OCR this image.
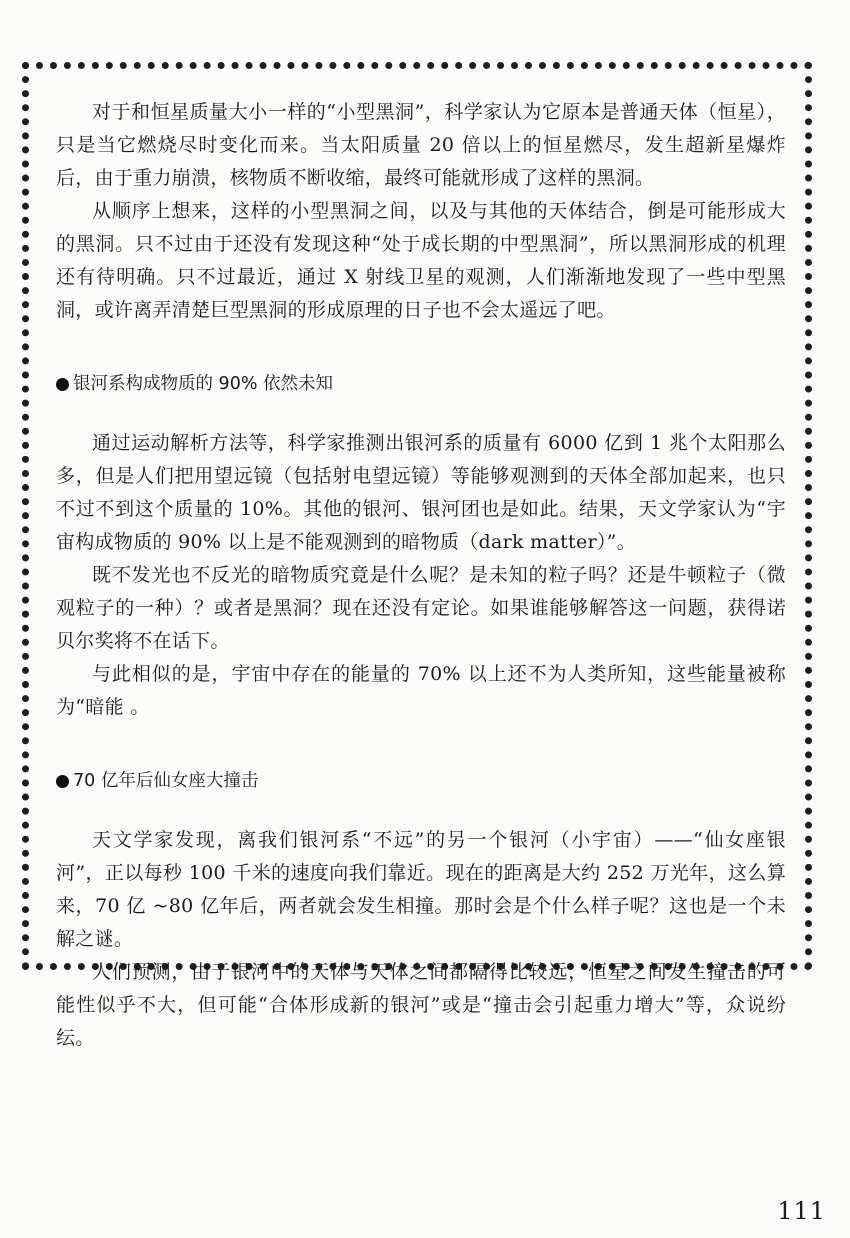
对于和恒星质量大小一样的“小型黑洞”，科学家认为它原本是普通天体（恒星），只是当它燃烧尽时变化而来。当太阳质量 20 倍以上的恒星燃尽，发生超新星爆炸后，由于重力崩溃，核物质不断收缩，最终可能就形成了这样的黑洞。

从顺序上想来，这样的小型黑洞之间，以及与其他的天体结合，倒是可能形成大的黑洞。只不过由于还没有发现这种“处于成长期的中型黑洞”，所以黑洞形成的机理还有待明确。只不过最近，通过 X 射线卫星的观测，人们渐渐地发现了一些中型黑洞，或许离弄清楚巨型黑洞的形成原理的日子也不会太遥远了吧。

银河系构成物质的 90% 依然未知

通过运动解析方法等，科学家推测出银河系的质量有 6000 亿到 1 兆个太阳那么多，但是人们把用望远镜（包括射电望远镜）等能够观测到的天体全部加起来，也只不过不到这个质量的 10%。其他的银河、银河团也是如此。结果，天文学家认为“宇宙构成物质的 90% 以上是不能观测到的暗物质（dark matter）”。

既不发光也不反光的暗物质究竟是什么呢？是未知的粒子吗？还是牛顿粒子（微观粒子的一种）？或者是黑洞？现在还没有定论。如果谁能够解答这一问题，获得诺贝尔奖将不在话下。

与此相似的是，宇宙中存在的能量的 70% 以上还不为人类所知，这些能量被称为“暗能 。

70 亿年后仙女座大撞击

天文学家发现，离我们银河系“不远”的另一个银河（小宇宙）——“仙女座银河”，正以每秒 100 千米的速度向我们靠近。现在的距离是大约 252 万光年，这么算来，70 亿 ~80 亿年后，两者就会发生相撞。那时会是个什么样子呢？这也是一个未解之谜。

人们预测，由于银河中的天体与天体之间都隔得比较远，恒星之间发生撞击的可能性似乎不大，但可能“合体形成新的银河”或是“撞击会引起重力增大”等，众说纷纭。

111
